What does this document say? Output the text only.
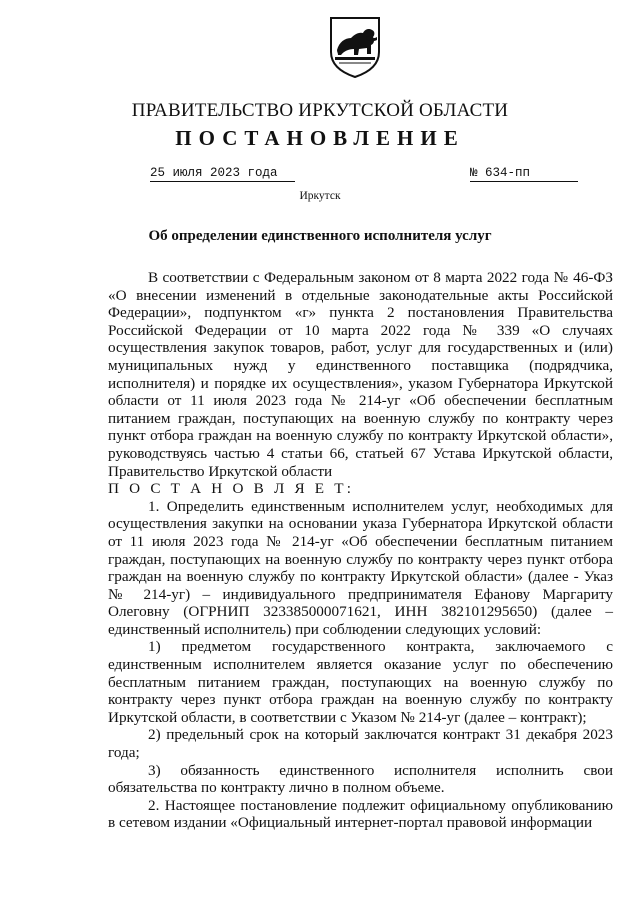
ПРАВИТЕЛЬСТВО ИРКУТСКОЙ ОБЛАСТИ
ПОСТАНОВЛЕНИЕ
25 июля 2023 года	№ 634-пп
Иркутск
Об определении единственного исполнителя услуг

В соответствии с Федеральным законом от 8 марта 2022 года № 46-ФЗ «О внесении изменений в отдельные законодательные акты Российской Федерации», подпунктом «г» пункта 2 постановления Правительства Российской Федерации от 10 марта 2022 года № 339 «О случаях осуществления закупок товаров, работ, услуг для государственных и (или) муниципальных нужд у единственного поставщика (подрядчика, исполнителя) и порядке их осуществления», указом Губернатора Иркутской области от 11 июля 2023 года № 214-уг «Об обеспечении бесплатным питанием граждан, поступающих на военную службу по контракту через пункт отбора граждан на военную службу по контракту Иркутской области», руководствуясь частью 4 статьи 66, статьей 67 Устава Иркутской области, Правительство Иркутской области

П О С Т А Н О В Л Я Е Т:

1. Определить единственным исполнителем услуг, необходимых для осуществления закупки на основании указа Губернатора Иркутской области от 11 июля 2023 года № 214-уг «Об обеспечении бесплатным питанием граждан, поступающих на военную службу по контракту через пункт отбора граждан на военную службу по контракту Иркутской области» (далее - Указ № 214-уг) – индивидуального предпринимателя Ефанову Маргариту Олеговну (ОГРНИП 323385000071621, ИНН 382101295650) (далее – единственный исполнитель) при соблюдении следующих условий:

1) предметом государственного контракта, заключаемого с единственным исполнителем является оказание услуг по обеспечению бесплатным питанием граждан, поступающих на военную службу по контракту через пункт отбора граждан на военную службу по контракту Иркутской области, в соответствии с Указом № 214-уг (далее – контракт);

2) предельный срок на который заключатся контракт 31 декабря 2023 года;

3) обязанность единственного исполнителя исполнить свои обязательства по контракту лично в полном объеме.

2. Настоящее постановление подлежит официальному опубликованию в сетевом издании «Официальный интернет-портал правовой информации
